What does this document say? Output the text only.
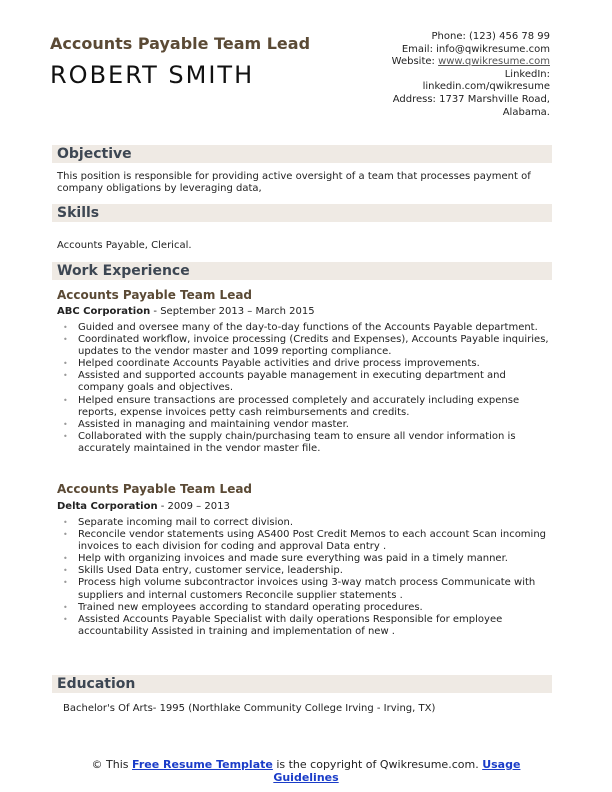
Accounts Payable Team Lead
ROBERT SMITH
Phone: (123) 456 78 99
Email: info@qwikresume.com
Website: www.qwikresume.com
LinkedIn:
linkedin.com/qwikresume
Address: 1737 Marshville Road,
Alabama.
Objective
This position is responsible for providing active oversight of a team that processes payment of company obligations by leveraging data,
Skills
Accounts Payable, Clerical.
Work Experience
Accounts Payable Team Lead
ABC Corporation - September 2013 – March 2015
• Guided and oversee many of the day-to-day functions of the Accounts Payable department.
• Coordinated workflow, invoice processing (Credits and Expenses), Accounts Payable inquiries, updates to the vendor master and 1099 reporting compliance.
• Helped coordinate Accounts Payable activities and drive process improvements.
• Assisted and supported accounts payable management in executing department and company goals and objectives.
• Helped ensure transactions are processed completely and accurately including expense reports, expense invoices petty cash reimbursements and credits.
• Assisted in managing and maintaining vendor master.
• Collaborated with the supply chain/purchasing team to ensure all vendor information is accurately maintained in the vendor master file.
Accounts Payable Team Lead
Delta Corporation - 2009 – 2013
• Separate incoming mail to correct division.
• Reconcile vendor statements using AS400 Post Credit Memos to each account Scan incoming invoices to each division for coding and approval Data entry .
• Help with organizing invoices and made sure everything was paid in a timely manner.
• Skills Used Data entry, customer service, leadership.
• Process high volume subcontractor invoices using 3-way match process Communicate with suppliers and internal customers Reconcile supplier statements .
• Trained new employees according to standard operating procedures.
• Assisted Accounts Payable Specialist with daily operations Responsible for employee accountability Assisted in training and implementation of new .
Education
Bachelor's Of Arts- 1995 (Northlake Community College Irving - Irving, TX)
© This Free Resume Template is the copyright of Qwikresume.com. Usage Guidelines
